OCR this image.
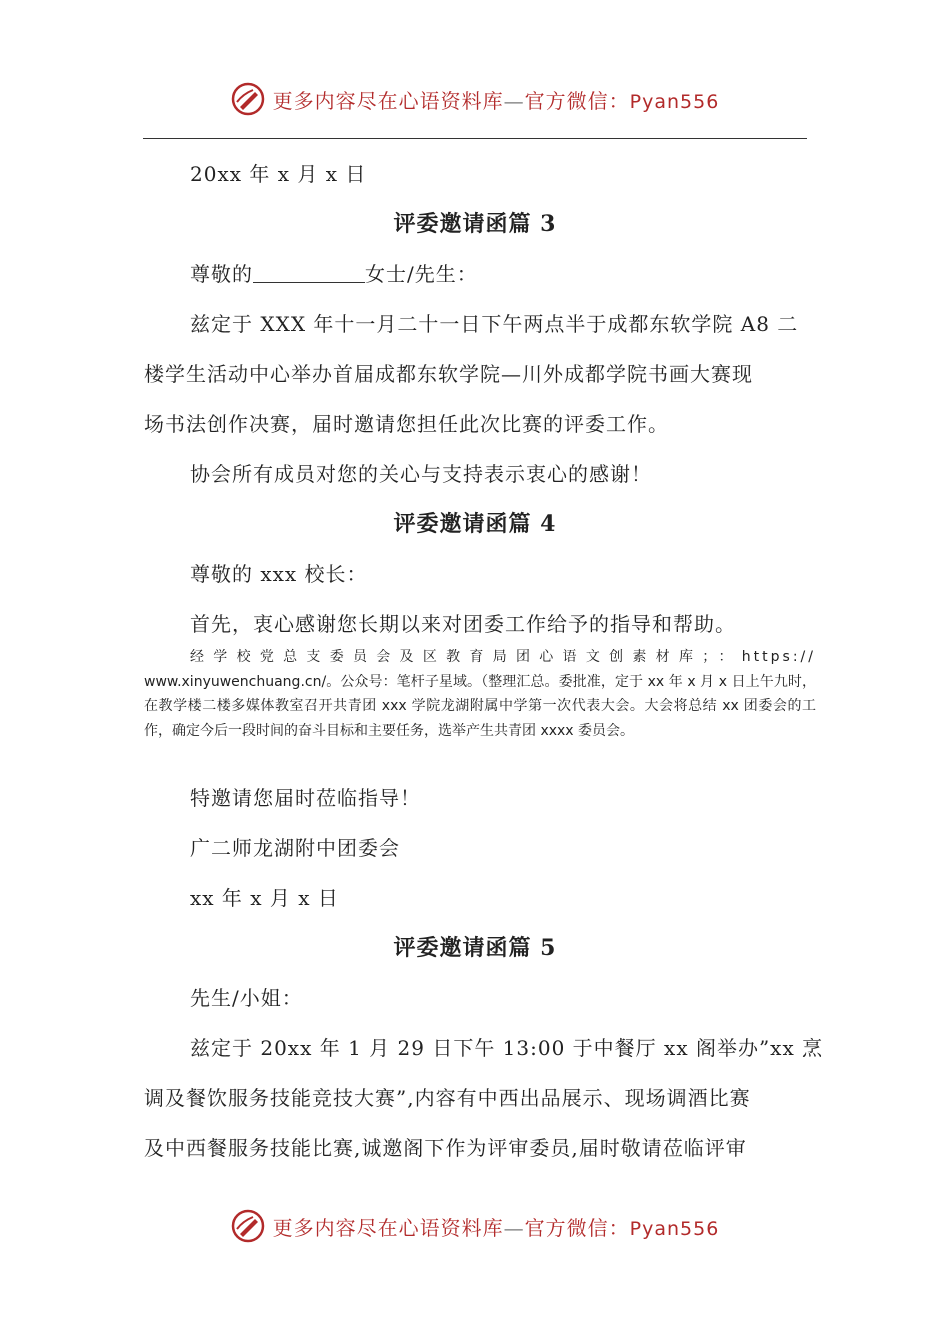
更多内容尽在心语资料库—官方微信：Pyan556
20xx 年 x 月 x 日
评委邀请函篇 3
尊敬的	女士/先生：
兹定于 XXX 年十一月二十一日下午两点半于成都东软学院 A8 二
楼学生活动中心举办首届成都东软学院—川外成都学院书画大赛现
场书法创作决赛，届时邀请您担任此次比赛的评委工作。
协会所有成员对您的关心与支持表示衷心的感谢！
评委邀请函篇 4
尊敬的 xxx 校长：
首先，衷心感谢您长期以来对团委工作给予的指导和帮助。
经学校党总支委员会及区教育局团心语文创素材库；：https://
www.xinyuwenchuang.cn/。公众号：笔杆子星域。（整理汇总。委批准，定于 xx 年 x 月 x 日上午九时，在教学楼二楼多媒体教室召开共青团 xxx 学院龙湖附属中学第一次代表大会。大会将总结 xx 团委会的工作，确定今后一段时间的奋斗目标和主要任务，选举产生共青团 xxxx 委员会。
特邀请您届时莅临指导！
广二师龙湖附中团委会
xx 年 x 月 x 日
评委邀请函篇 5
先生/小姐：
兹定于 20xx 年 1 月 29 日下午 13:00 于中餐厅 xx 阁举办”xx 烹
调及餐饮服务技能竞技大赛”,内容有中西出品展示、现场调酒比赛
及中西餐服务技能比赛,诚邀阁下作为评审委员,届时敬请莅临评审
更多内容尽在心语资料库—官方微信：Pyan556
